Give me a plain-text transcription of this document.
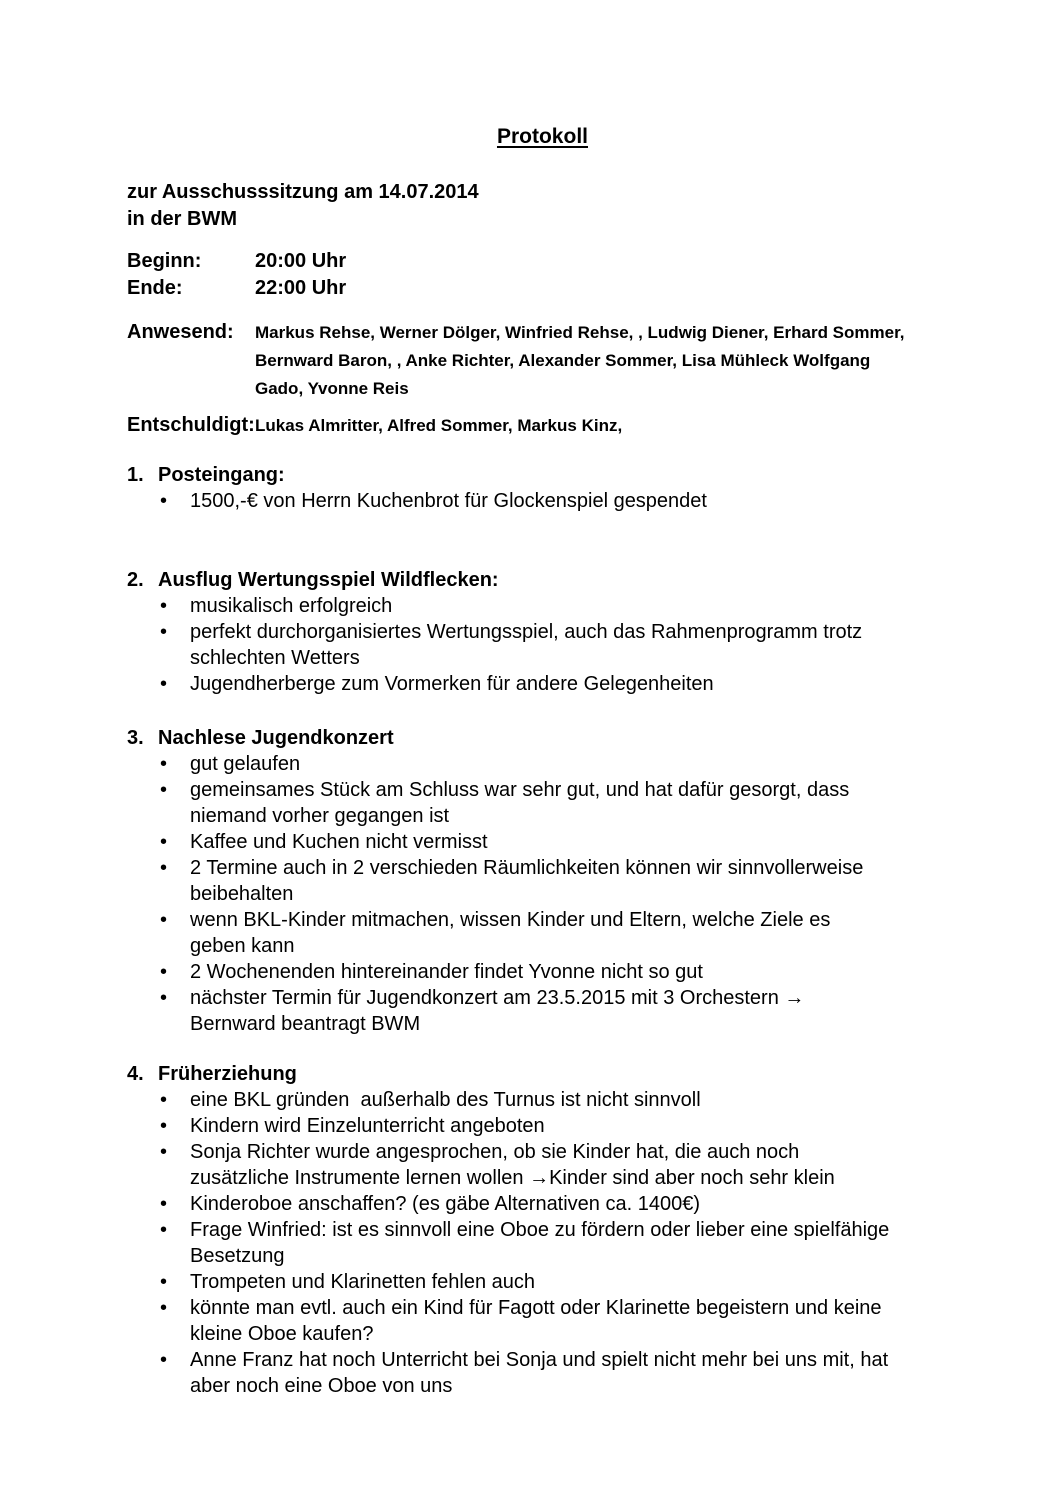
Protokoll
zur Ausschusssitzung am 14.07.2014
in der BWM
Beginn:	20:00 Uhr
Ende:	22:00 Uhr
Anwesend:	Markus Rehse, Werner Dölger, Winfried Rehse, , Ludwig Diener, Erhard Sommer, Bernward Baron, , Anke Richter, Alexander Sommer, Lisa Mühleck Wolfgang Gado, Yvonne Reis
Entschuldigt: Lukas Almritter, Alfred Sommer, Markus Kinz,
1. Posteingang:
•	1500,-€ von Herrn Kuchenbrot für Glockenspiel gespendet
2. Ausflug Wertungsspiel Wildflecken:
•	musikalisch erfolgreich
•	perfekt durchorganisiertes Wertungsspiel, auch das Rahmenprogramm trotz schlechten Wetters
•	Jugendherberge zum Vormerken für andere Gelegenheiten
3. Nachlese Jugendkonzert
•	gut gelaufen
•	gemeinsames Stück am Schluss war sehr gut, und hat dafür gesorgt, dass niemand vorher gegangen ist
•	Kaffee und Kuchen nicht vermisst
•	2 Termine auch in 2 verschieden Räumlichkeiten können wir sinnvollerweise beibehalten
•	wenn BKL-Kinder mitmachen, wissen Kinder und Eltern, welche Ziele es geben kann
•	2 Wochenenden hintereinander findet Yvonne nicht so gut
•	nächster Termin für Jugendkonzert am 23.5.2015 mit 3 Orchestern → Bernward beantragt BWM
4. Früherziehung
•	eine BKL gründen  außerhalb des Turnus ist nicht sinnvoll
•	Kindern wird Einzelunterricht angeboten
•	Sonja Richter wurde angesprochen, ob sie Kinder hat, die auch noch zusätzliche Instrumente lernen wollen →Kinder sind aber noch sehr klein
•	Kinderoboe anschaffen? (es gäbe Alternativen ca. 1400€)
•	Frage Winfried: ist es sinnvoll eine Oboe zu fördern oder lieber eine spielfähige Besetzung
•	Trompeten und Klarinetten fehlen auch
•	könnte man evtl. auch ein Kind für Fagott oder Klarinette begeistern und keine kleine Oboe kaufen?
•	Anne Franz hat noch Unterricht bei Sonja und spielt nicht mehr bei uns mit, hat aber noch eine Oboe von uns
